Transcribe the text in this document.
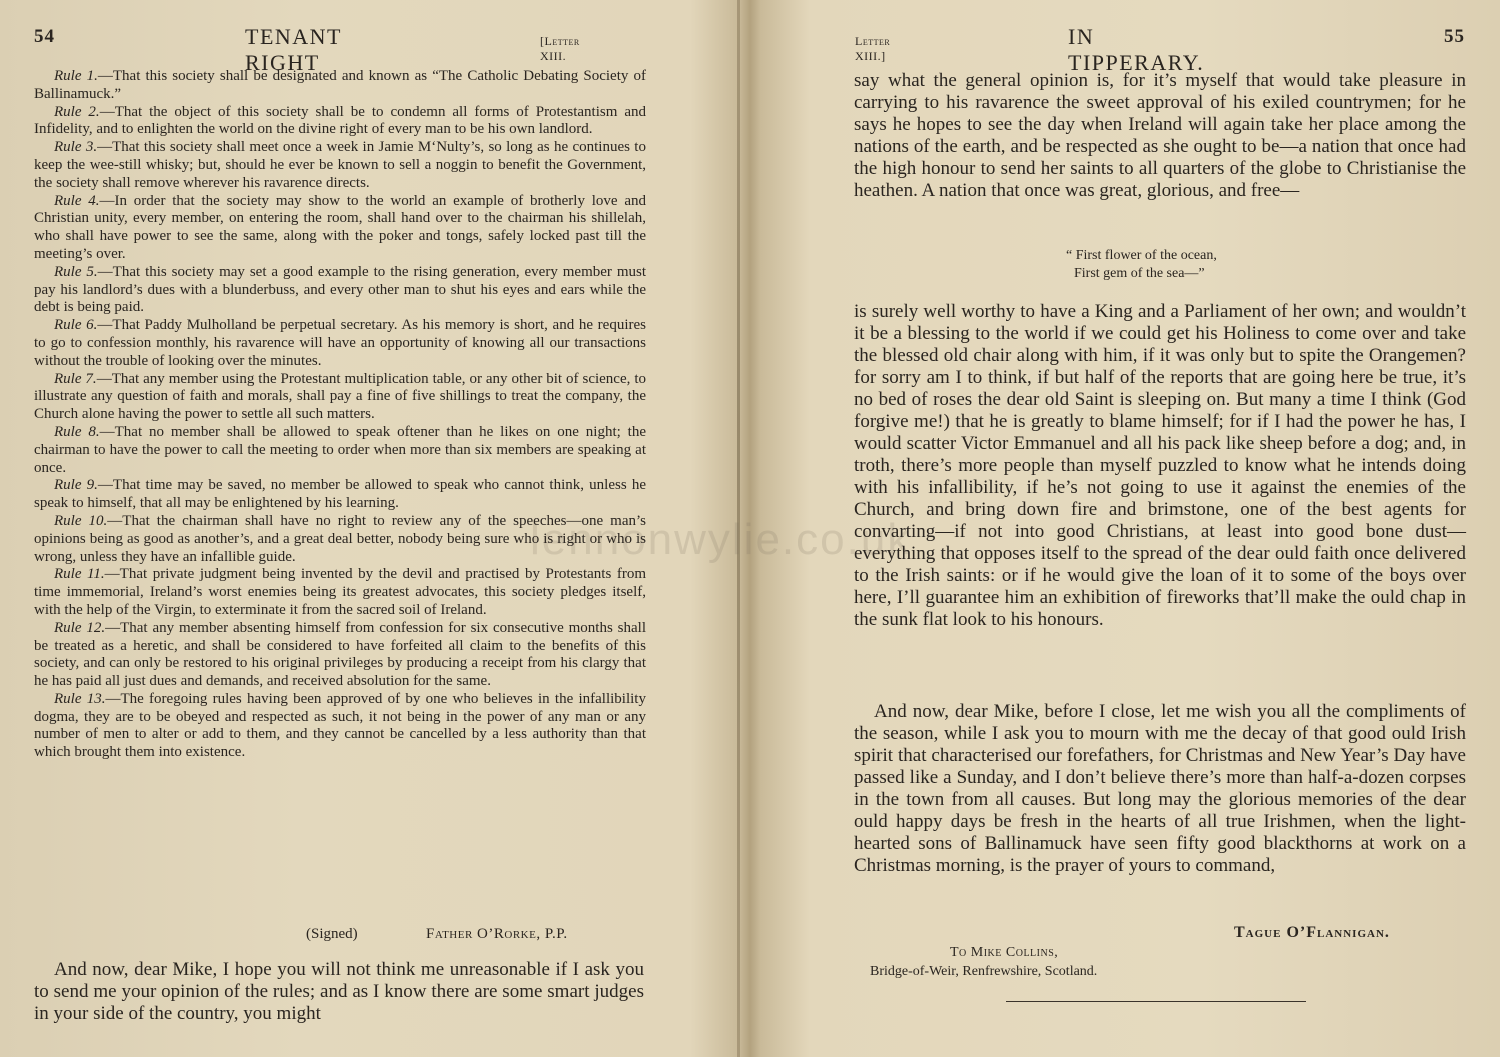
lennonwylie.co.uk
54	TENANT RIGHT
[Letter XIII.

Rule 1.—That this society shall be designated and known as “The Catholic Debating Society of Ballinamuck.”

Rule 2.—That the object of this society shall be to condemn all forms of Protestantism and Infidelity, and to enlighten the world on the divine right of every man to be his own landlord.

Rule 3.—That this society shall meet once a week in Jamie M‘Nulty’s, so long as he continues to keep the wee-still whisky; but, should he ever be known to sell a noggin to benefit the Government, the society shall remove wherever his ravarence directs.

Rule 4.—In order that the society may show to the world an example of brotherly love and Christian unity, every member, on entering the room, shall hand over to the chairman his shillelah, who shall have power to see the same, along with the poker and tongs, safely locked past till the meeting’s over.

Rule 5.—That this society may set a good example to the rising generation, every member must pay his landlord’s dues with a blunderbuss, and every other man to shut his eyes and ears while the debt is being paid.

Rule 6.—That Paddy Mulholland be perpetual secretary. As his memory is short, and he requires to go to confession monthly, his ravarence will have an opportunity of knowing all our transactions without the trouble of looking over the minutes.

Rule 7.—That any member using the Protestant multiplication table, or any other bit of science, to illustrate any question of faith and morals, shall pay a fine of five shillings to treat the company, the Church alone having the power to settle all such matters.

Rule 8.—That no member shall be allowed to speak oftener than he likes on one night; the chairman to have the power to call the meeting to order when more than six members are speaking at once.

Rule 9.—That time may be saved, no member be allowed to speak who cannot think, unless he speak to himself, that all may be enlightened by his learning.

Rule 10.—That the chairman shall have no right to review any of the speeches—one man’s opinions being as good as another’s, and a great deal better, nobody being sure who is right or who is wrong, unless they have an infallible guide.

Rule 11.—That private judgment being invented by the devil and practised by Protestants from time immemorial, Ireland’s worst enemies being its greatest advocates, this society pledges itself, with the help of the Virgin, to exterminate it from the sacred soil of Ireland.

Rule 12.—That any member absenting himself from confession for six consecutive months shall be treated as a heretic, and shall be considered to have forfeited all claim to the benefits of this society, and can only be restored to his original privileges by producing a receipt from his clargy that he has paid all just dues and demands, and received absolution for the same.

Rule 13.—The foregoing rules having been approved of by one who believes in the infallibility dogma, they are to be obeyed and respected as such, it not being in the power of any man or any number of men to alter or add to them, and they cannot be cancelled by a less authority than that which brought them into existence.

(Signed)	Father O’Rorke, P.P.

And now, dear Mike, I hope you will not think me unreasonable if I ask you to send me your opinion of the rules; and as I know there are some smart judges in your side of the country, you might

Letter XIII.]
IN TIPPERARY.
55

say what the general opinion is, for it’s myself that would take pleasure in carrying to his ravarence the sweet approval of his exiled countrymen; for he says he hopes to see the day when Ireland will again take her place among the nations of the earth, and be respected as she ought to be—a nation that once had the high honour to send her saints to all quarters of the globe to Christianise the heathen. A nation that once was great, glorious, and free—

“ First flower of the ocean,
First gem of the sea—”

is surely well worthy to have a King and a Parliament of her own; and wouldn’t it be a blessing to the world if we could get his Holiness to come over and take the blessed old chair along with him, if it was only but to spite the Orangemen? for sorry am I to think, if but half of the reports that are going here be true, it’s no bed of roses the dear old Saint is sleeping on. But many a time I think (God forgive me!) that he is greatly to blame himself; for if I had the power he has, I would scatter Victor Emmanuel and all his pack like sheep before a dog; and, in troth, there’s more people than myself puzzled to know what he intends doing with his infallibility, if he’s not going to use it against the enemies of the Church, and bring down fire and brimstone, one of the best agents for convarting—if not into good Christians, at least into good bone dust—everything that opposes itself to the spread of the dear ould faith once delivered to the Irish saints: or if he would give the loan of it to some of the boys over here, I’ll guarantee him an exhibition of fireworks that’ll make the ould chap in the sunk flat look to his honours.

And now, dear Mike, before I close, let me wish you all the compliments of the season, while I ask you to mourn with me the decay of that good ould Irish spirit that characterised our forefathers, for Christmas and New Year’s Day have passed like a Sunday, and I don’t believe there’s more than half-a-dozen corpses in the town from all causes. But long may the glorious memories of the dear ould happy days be fresh in the hearts of all true Irishmen, when the light-hearted sons of Ballinamuck have seen fifty good blackthorns at work on a Christmas morning, is the prayer of yours to command,

Tague O’Flannigan.
To Mike Collins,
Bridge-of-Weir, Renfrewshire, Scotland.
